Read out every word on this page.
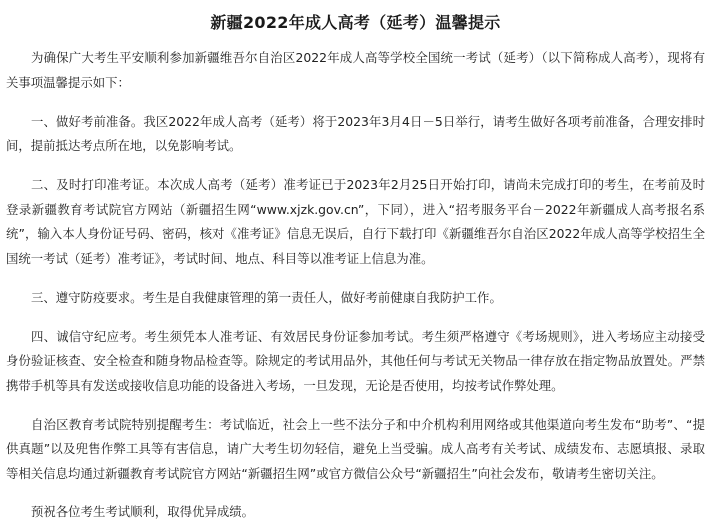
新疆2022年成人高考（延考）温馨提示

为确保广大考生平安顺利参加新疆维吾尔自治区2022年成人高等学校全国统一考试（延考）（以下简称成人高考），现将有关事项温馨提示如下：

一、做好考前准备。我区2022年成人高考（延考）将于2023年3月4日－5日举行，请考生做好各项考前准备，合理安排时间，提前抵达考点所在地，以免影响考试。

二、及时打印准考证。本次成人高考（延考）准考证已于2023年2月25日开始打印，请尚未完成打印的考生，在考前及时登录新疆教育考试院官方网站（新疆招生网“www.xjzk.gov.cn”，下同），进入“招考服务平台－2022年新疆成人高考报名系统”，输入本人身份证号码、密码，核对《准考证》信息无误后，自行下载打印《新疆维吾尔自治区2022年成人高等学校招生全国统一考试（延考）准考证》，考试时间、地点、科目等以准考证上信息为准。

三、遵守防疫要求。考生是自我健康管理的第一责任人，做好考前健康自我防护工作。

四、诚信守纪应考。考生须凭本人准考证、有效居民身份证参加考试。考生须严格遵守《考场规则》，进入考场应主动接受身份验证核查、安全检查和随身物品检查等。除规定的考试用品外，其他任何与考试无关物品一律存放在指定物品放置处。严禁携带手机等具有发送或接收信息功能的设备进入考场，一旦发现，无论是否使用，均按考试作弊处理。

自治区教育考试院特别提醒考生：考试临近，社会上一些不法分子和中介机构利用网络或其他渠道向考生发布“助考”、“提供真题”以及兜售作弊工具等有害信息，请广大考生切勿轻信，避免上当受骗。成人高考有关考试、成绩发布、志愿填报、录取等相关信息均通过新疆教育考试院官方网站“新疆招生网”或官方微信公众号“新疆招生”向社会发布，敬请考生密切关注。

预祝各位考生考试顺利，取得优异成绩。
